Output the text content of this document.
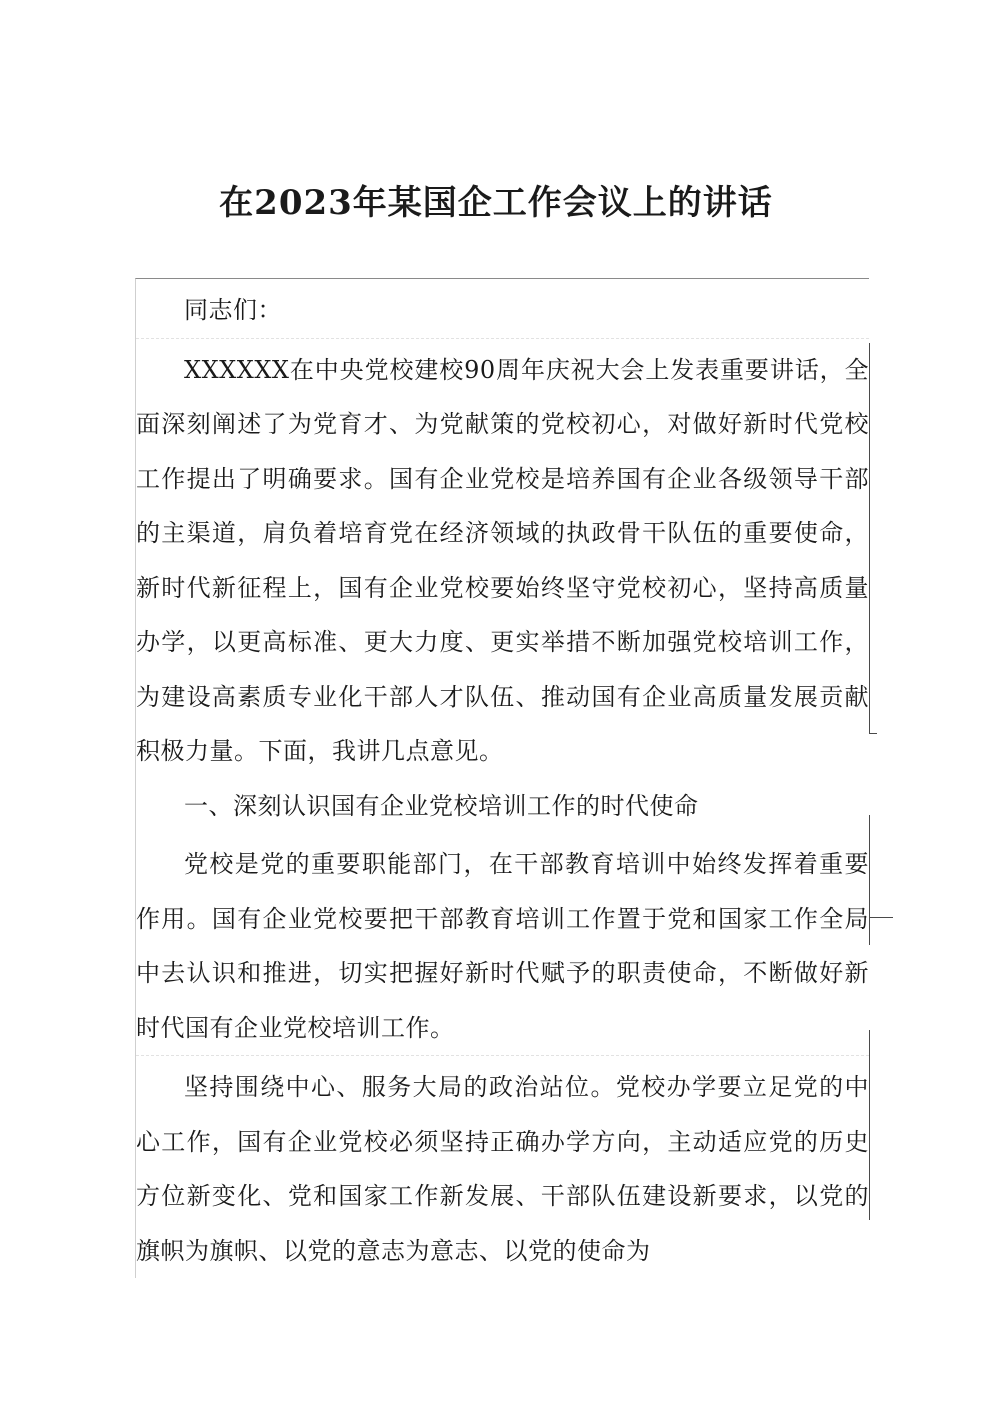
在2023年某国企工作会议上的讲话

同志们：

XXXXXX在中央党校建校90周年庆祝大会上发表重要讲话，全面深刻阐述了为党育才、为党献策的党校初心，对做好新时代党校工作提出了明确要求。国有企业党校是培养国有企业各级领导干部的主渠道，肩负着培育党在经济领域的执政骨干队伍的重要使命，新时代新征程上，国有企业党校要始终坚守党校初心，坚持高质量办学，以更高标准、更大力度、更实举措不断加强党校培训工作，为建设高素质专业化干部人才队伍、推动国有企业高质量发展贡献积极力量。下面，我讲几点意见。

一、深刻认识国有企业党校培训工作的时代使命

党校是党的重要职能部门，在干部教育培训中始终发挥着重要作用。国有企业党校要把干部教育培训工作置于党和国家工作全局中去认识和推进，切实把握好新时代赋予的职责使命，不断做好新时代国有企业党校培训工作。

坚持围绕中心、服务大局的政治站位。党校办学要立足党的中心工作，国有企业党校必须坚持正确办学方向，主动适应党的历史方位新变化、党和国家工作新发展、干部队伍建设新要求，以党的旗帜为旗帜、以党的意志为意志、以党的使命为
